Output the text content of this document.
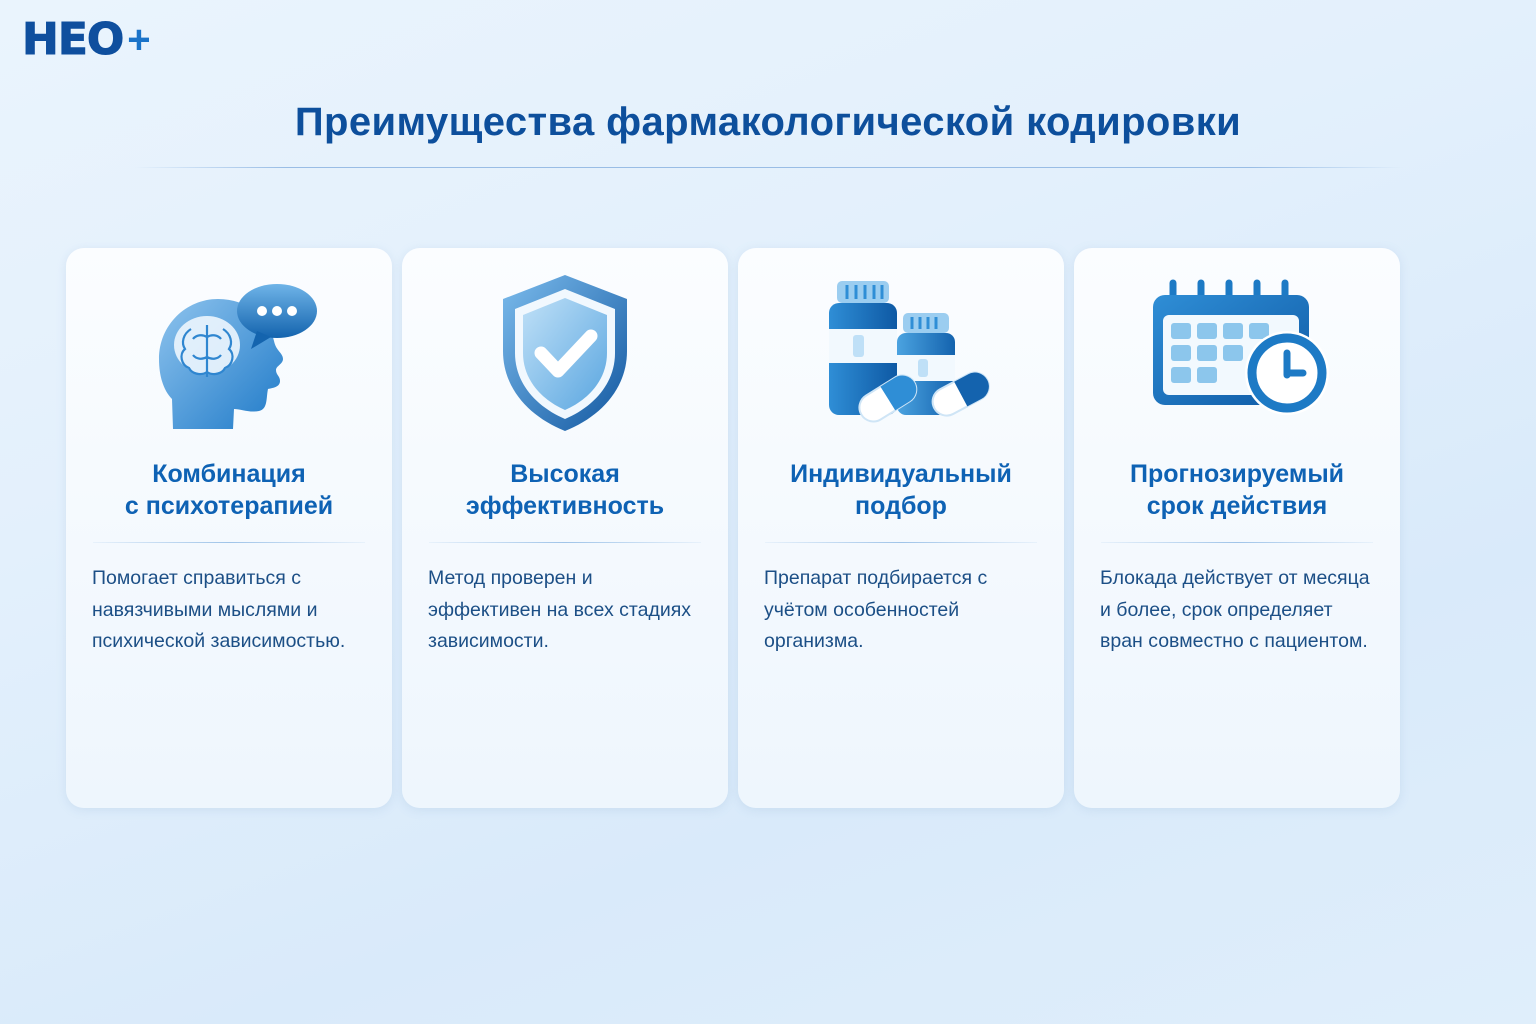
HEO +
Преимущества фармакологической кодировки
Комбинация
с психотерапией
Помогает справиться с навязчивыми мыслями и психической зависимостью.
Высокая
эффективность
Метод проверен и эффективен на всех стадиях зависимости.
Индивидуальный
подбор
Препарат подбирается с учётом особенностей организма.
Прогнозируемый
срок действия
Блокада действует от месяца и более, срок определяет вран совместно с пациентом.
